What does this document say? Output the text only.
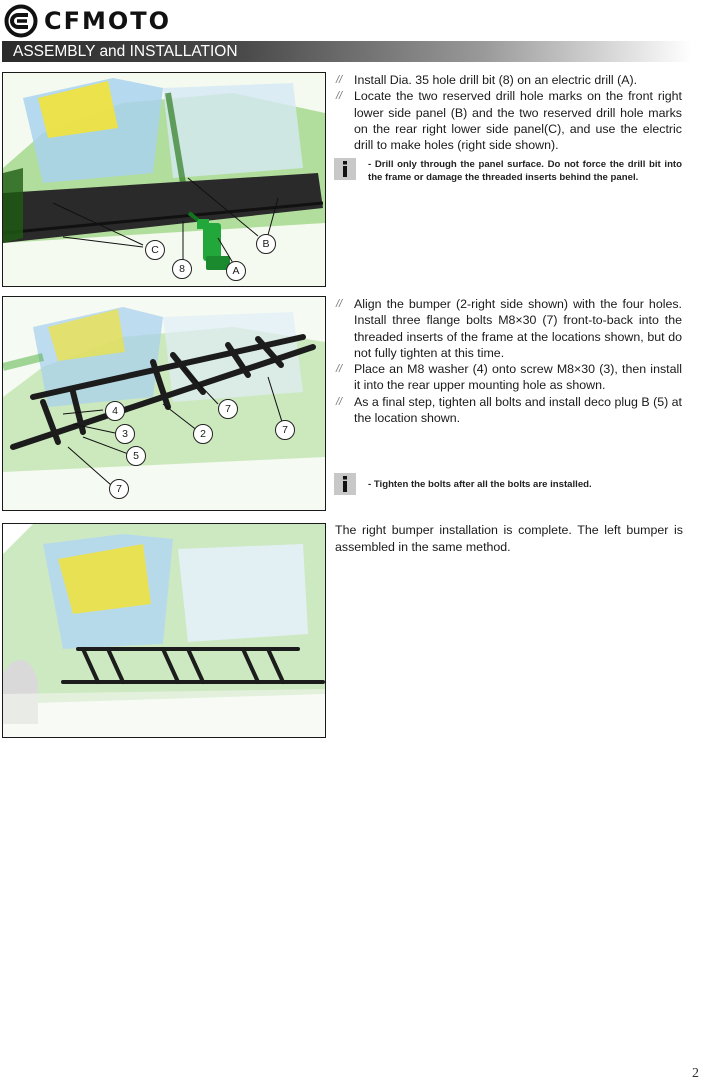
CFMOTO
ASSEMBLY and INSTALLATION
C	B
8	A
// Install Dia. 35 hole drill bit (8) on an electric drill (A).
// Locate the two reserved drill hole marks on the front right lower side panel (B) and the two reserved drill hole marks on the rear right lower side panel(C), and use the electric drill to make holes (right side shown).
- Drill only through the panel surface. Do not force the drill bit into the frame or damage the threaded inserts behind the panel.
4	7
3	2	7
5
7
// Align the bumper (2-right side shown) with the four holes. Install three flange bolts M8×30 (7) front-to-back into the threaded inserts of the frame at the locations shown, but do not fully tighten at this time.
// Place an M8 washer (4) onto screw M8×30 (3), then install it into the rear upper mounting hole as shown.
// As a final step, tighten all bolts and install deco plug B (5) at the location shown.
- Tighten the bolts after all the bolts are installed.
The right bumper installation is complete. The left bumper is assembled in the same method.
2
